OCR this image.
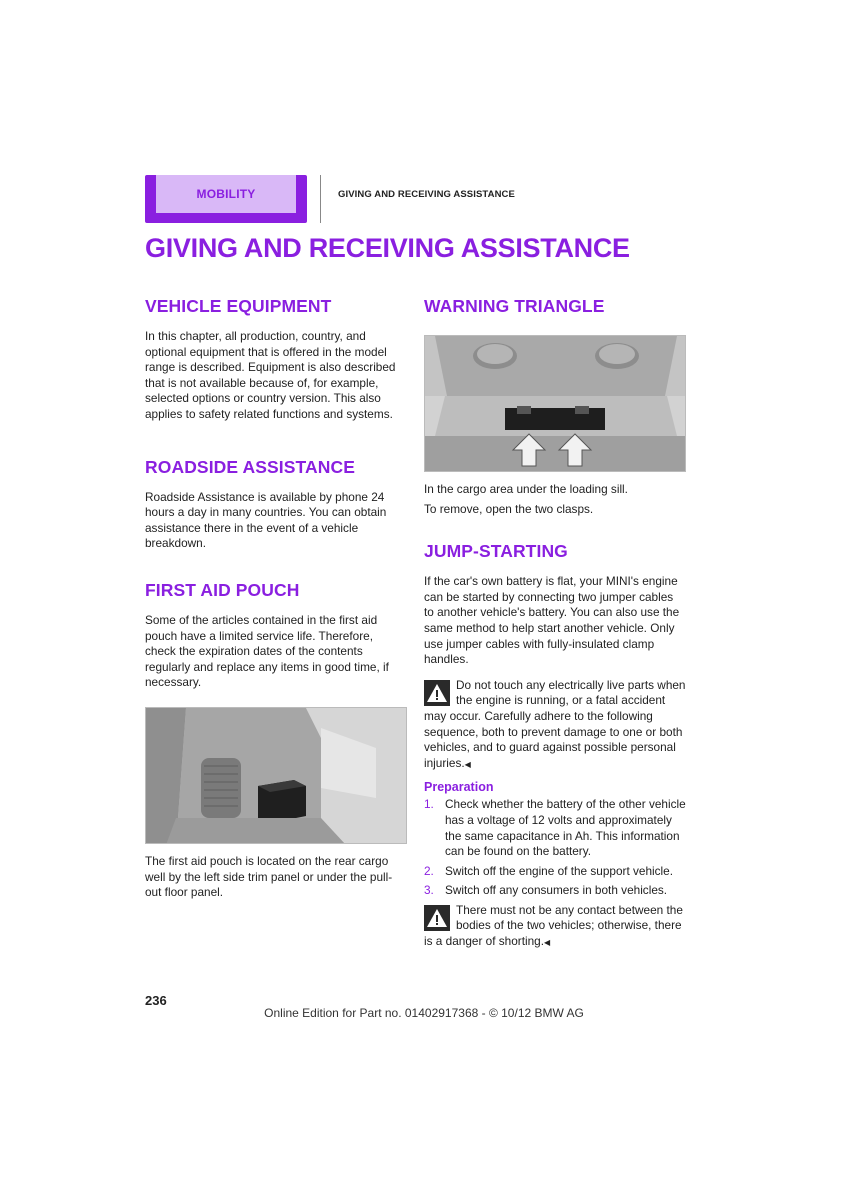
MOBILITY	GIVING AND RECEIVING ASSISTANCE
GIVING AND RECEIVING ASSISTANCE
VEHICLE EQUIPMENT

In this chapter, all production, country, and optional equipment that is offered in the model range is described. Equipment is also described that is not available because of, for example, selected options or country version. This also applies to safety related functions and systems.

ROADSIDE ASSISTANCE

Roadside Assistance is available by phone 24 hours a day in many countries. You can obtain assistance there in the event of a vehicle breakdown.

FIRST AID POUCH

Some of the articles contained in the first aid pouch have a limited service life. Therefore, check the expiration dates of the contents regularly and replace any items in good time, if necessary.

The first aid pouch is located on the rear cargo well by the left side trim panel or under the pull-out floor panel.

WARNING TRIANGLE

In the cargo area under the loading sill.

To remove, open the two clasps.

JUMP-STARTING

If the car's own battery is flat, your MINI's engine can be started by connecting two jumper cables to another vehicle's battery. You can also use the same method to help start another vehicle. Only use jumper cables with fully-insulated clamp handles.

Do not touch any electrically live parts when the engine is running, or a fatal accident may occur. Carefully adhere to the following sequence, both to prevent damage to one or both vehicles, and to guard against possible personal injuries.◀
Preparation
1. Check whether the battery of the other vehicle has a voltage of 12 volts and approximately the same capacitance in Ah. This information can be found on the battery.
2. Switch off the engine of the support vehicle.
3. Switch off any consumers in both vehicles.
There must not be any contact between the bodies of the two vehicles; otherwise, there is a danger of shorting.◀
236
Online Edition for Part no. 01402917368 - © 10/12 BMW AG
